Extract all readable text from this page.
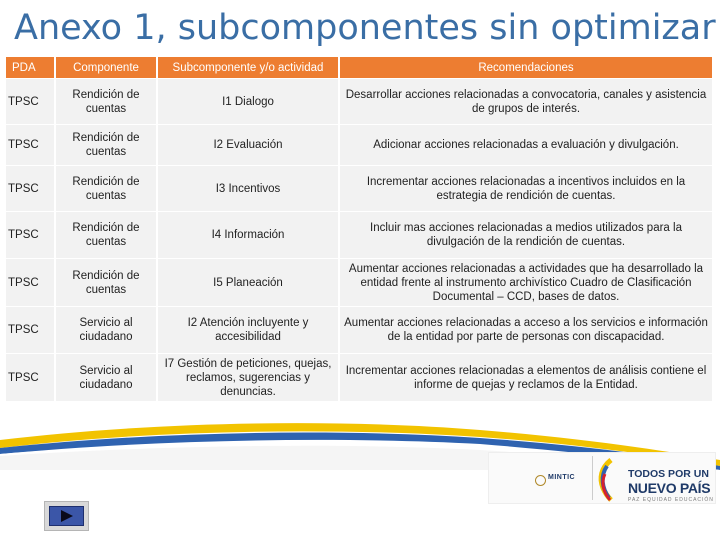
Anexo 1, subcomponentes sin optimizar
PDA	Componente	Subcomponente y/o actividad	Recomendaciones
TPSC	Rendición de cuentas	I1 Dialogo	Desarrollar acciones relacionadas a convocatoria, canales y asistencia de grupos de interés.
TPSC	Rendición de cuentas	I2 Evaluación	Adicionar acciones relacionadas a evaluación y divulgación.
TPSC	Rendición de cuentas	I3 Incentivos	Incrementar acciones relacionadas a incentivos incluidos en la estrategia de rendición de cuentas.
TPSC	Rendición de cuentas	I4 Información	Incluir mas acciones relacionadas a medios utilizados para la divulgación de la rendición de cuentas.
TPSC	Rendición de cuentas	I5 Planeación	Aumentar acciones relacionadas a actividades que ha desarrollado la entidad frente al instrumento archivístico Cuadro de Clasificación Documental – CCD, bases de datos.
TPSC	Servicio al ciudadano	I2 Atención incluyente y accesibilidad	Aumentar acciones relacionadas a acceso a los servicios e información de la entidad por parte de personas con discapacidad.
TPSC	Servicio al ciudadano	I7 Gestión de peticiones, quejas, reclamos, sugerencias y denuncias.	Incrementar acciones relacionadas a elementos de análisis contiene el informe de quejas y reclamos de la Entidad.
MINTIC	TODOS POR UN
NUEVO PAÍS
PAZ EQUIDAD EDUCACIÓN
